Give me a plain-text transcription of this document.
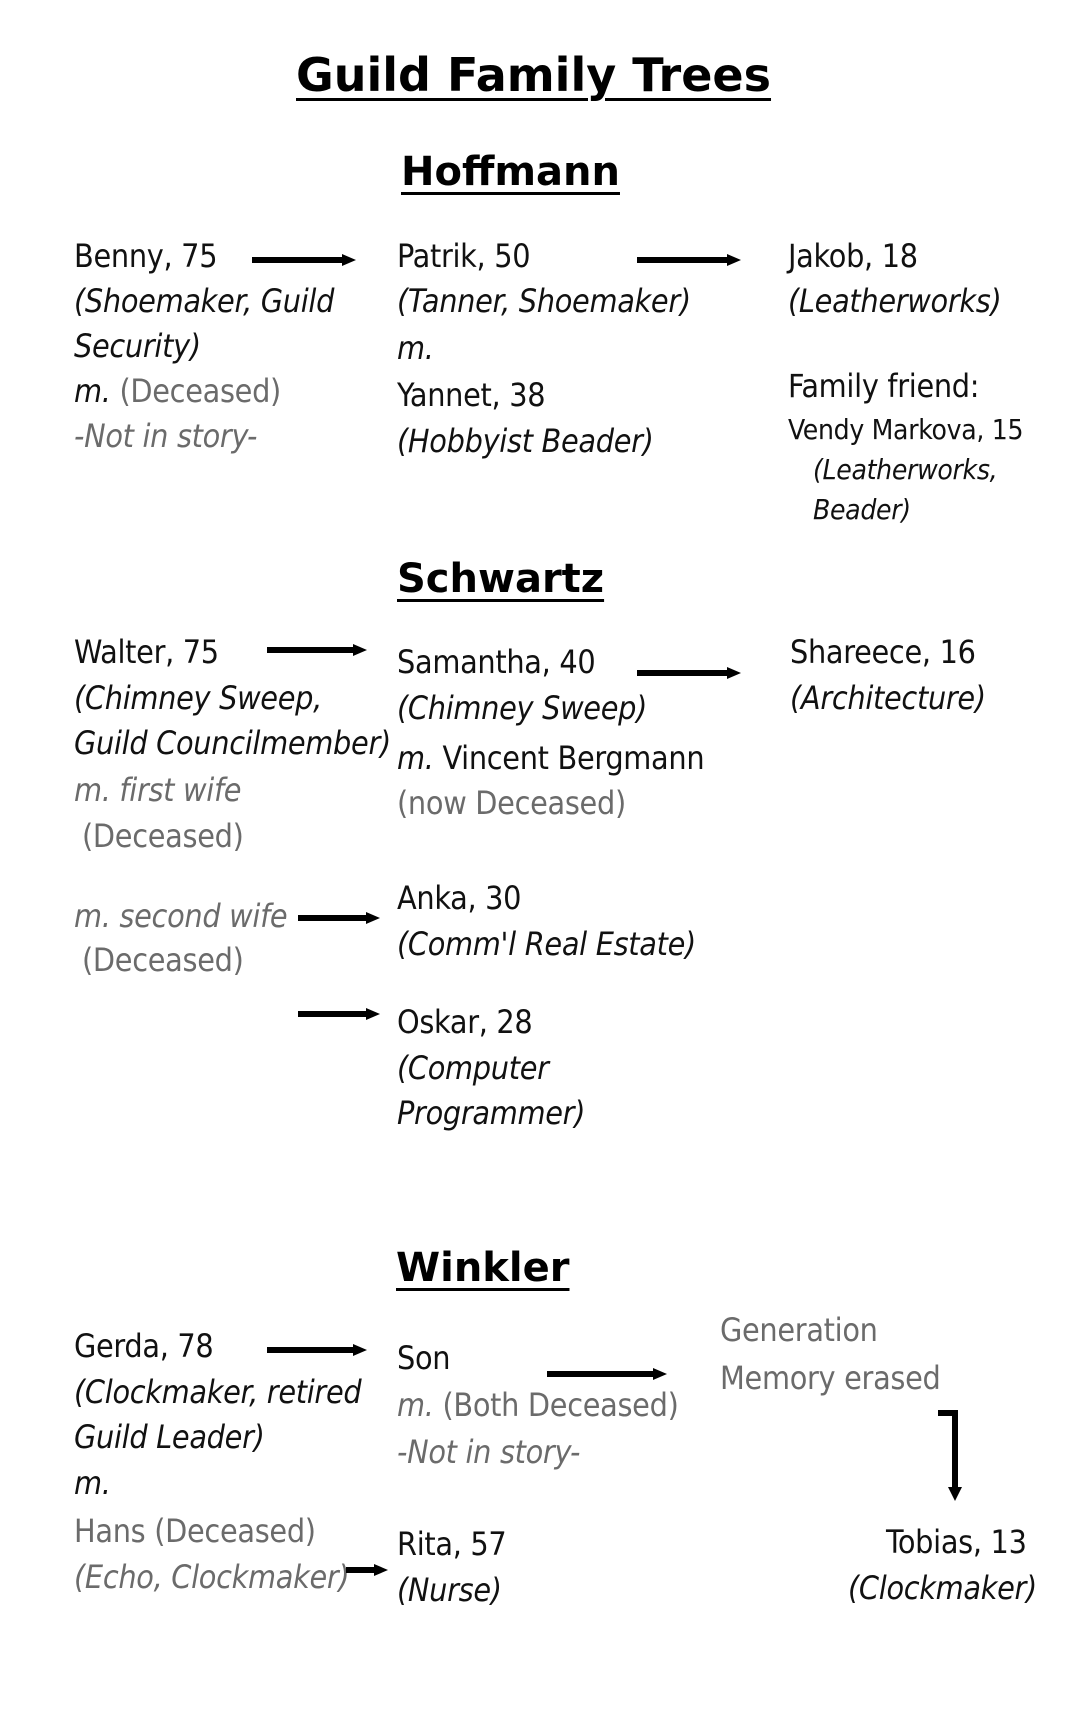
Guild Family Trees
Hoffmann
Benny, 75
(Shoemaker, Guild
Security)
m. (Deceased)
-Not in story-
Patrik, 50
(Tanner, Shoemaker)
m.
Yannet, 38
(Hobbyist Beader)
Jakob, 18
(Leatherworks)
Family friend:
Vendy Markova, 15
(Leatherworks,
Beader)
Schwartz
Walter, 75
(Chimney Sweep,
Guild Councilmember)
m. first wife
(Deceased)
Samantha, 40
(Chimney Sweep)
m. Vincent Bergmann
(now Deceased)
Shareece, 16
(Architecture)
m. second wife
(Deceased)
Anka, 30
(Comm'l Real Estate)
Oskar, 28
(Computer
Programmer)
Winkler
Gerda, 78
(Clockmaker, retired
Guild Leader)
m.
Hans (Deceased)
(Echo, Clockmaker)
Son
m. (Both Deceased)
-Not in story-
Generation
Memory erased
Rita, 57
(Nurse)
Tobias, 13
(Clockmaker)
